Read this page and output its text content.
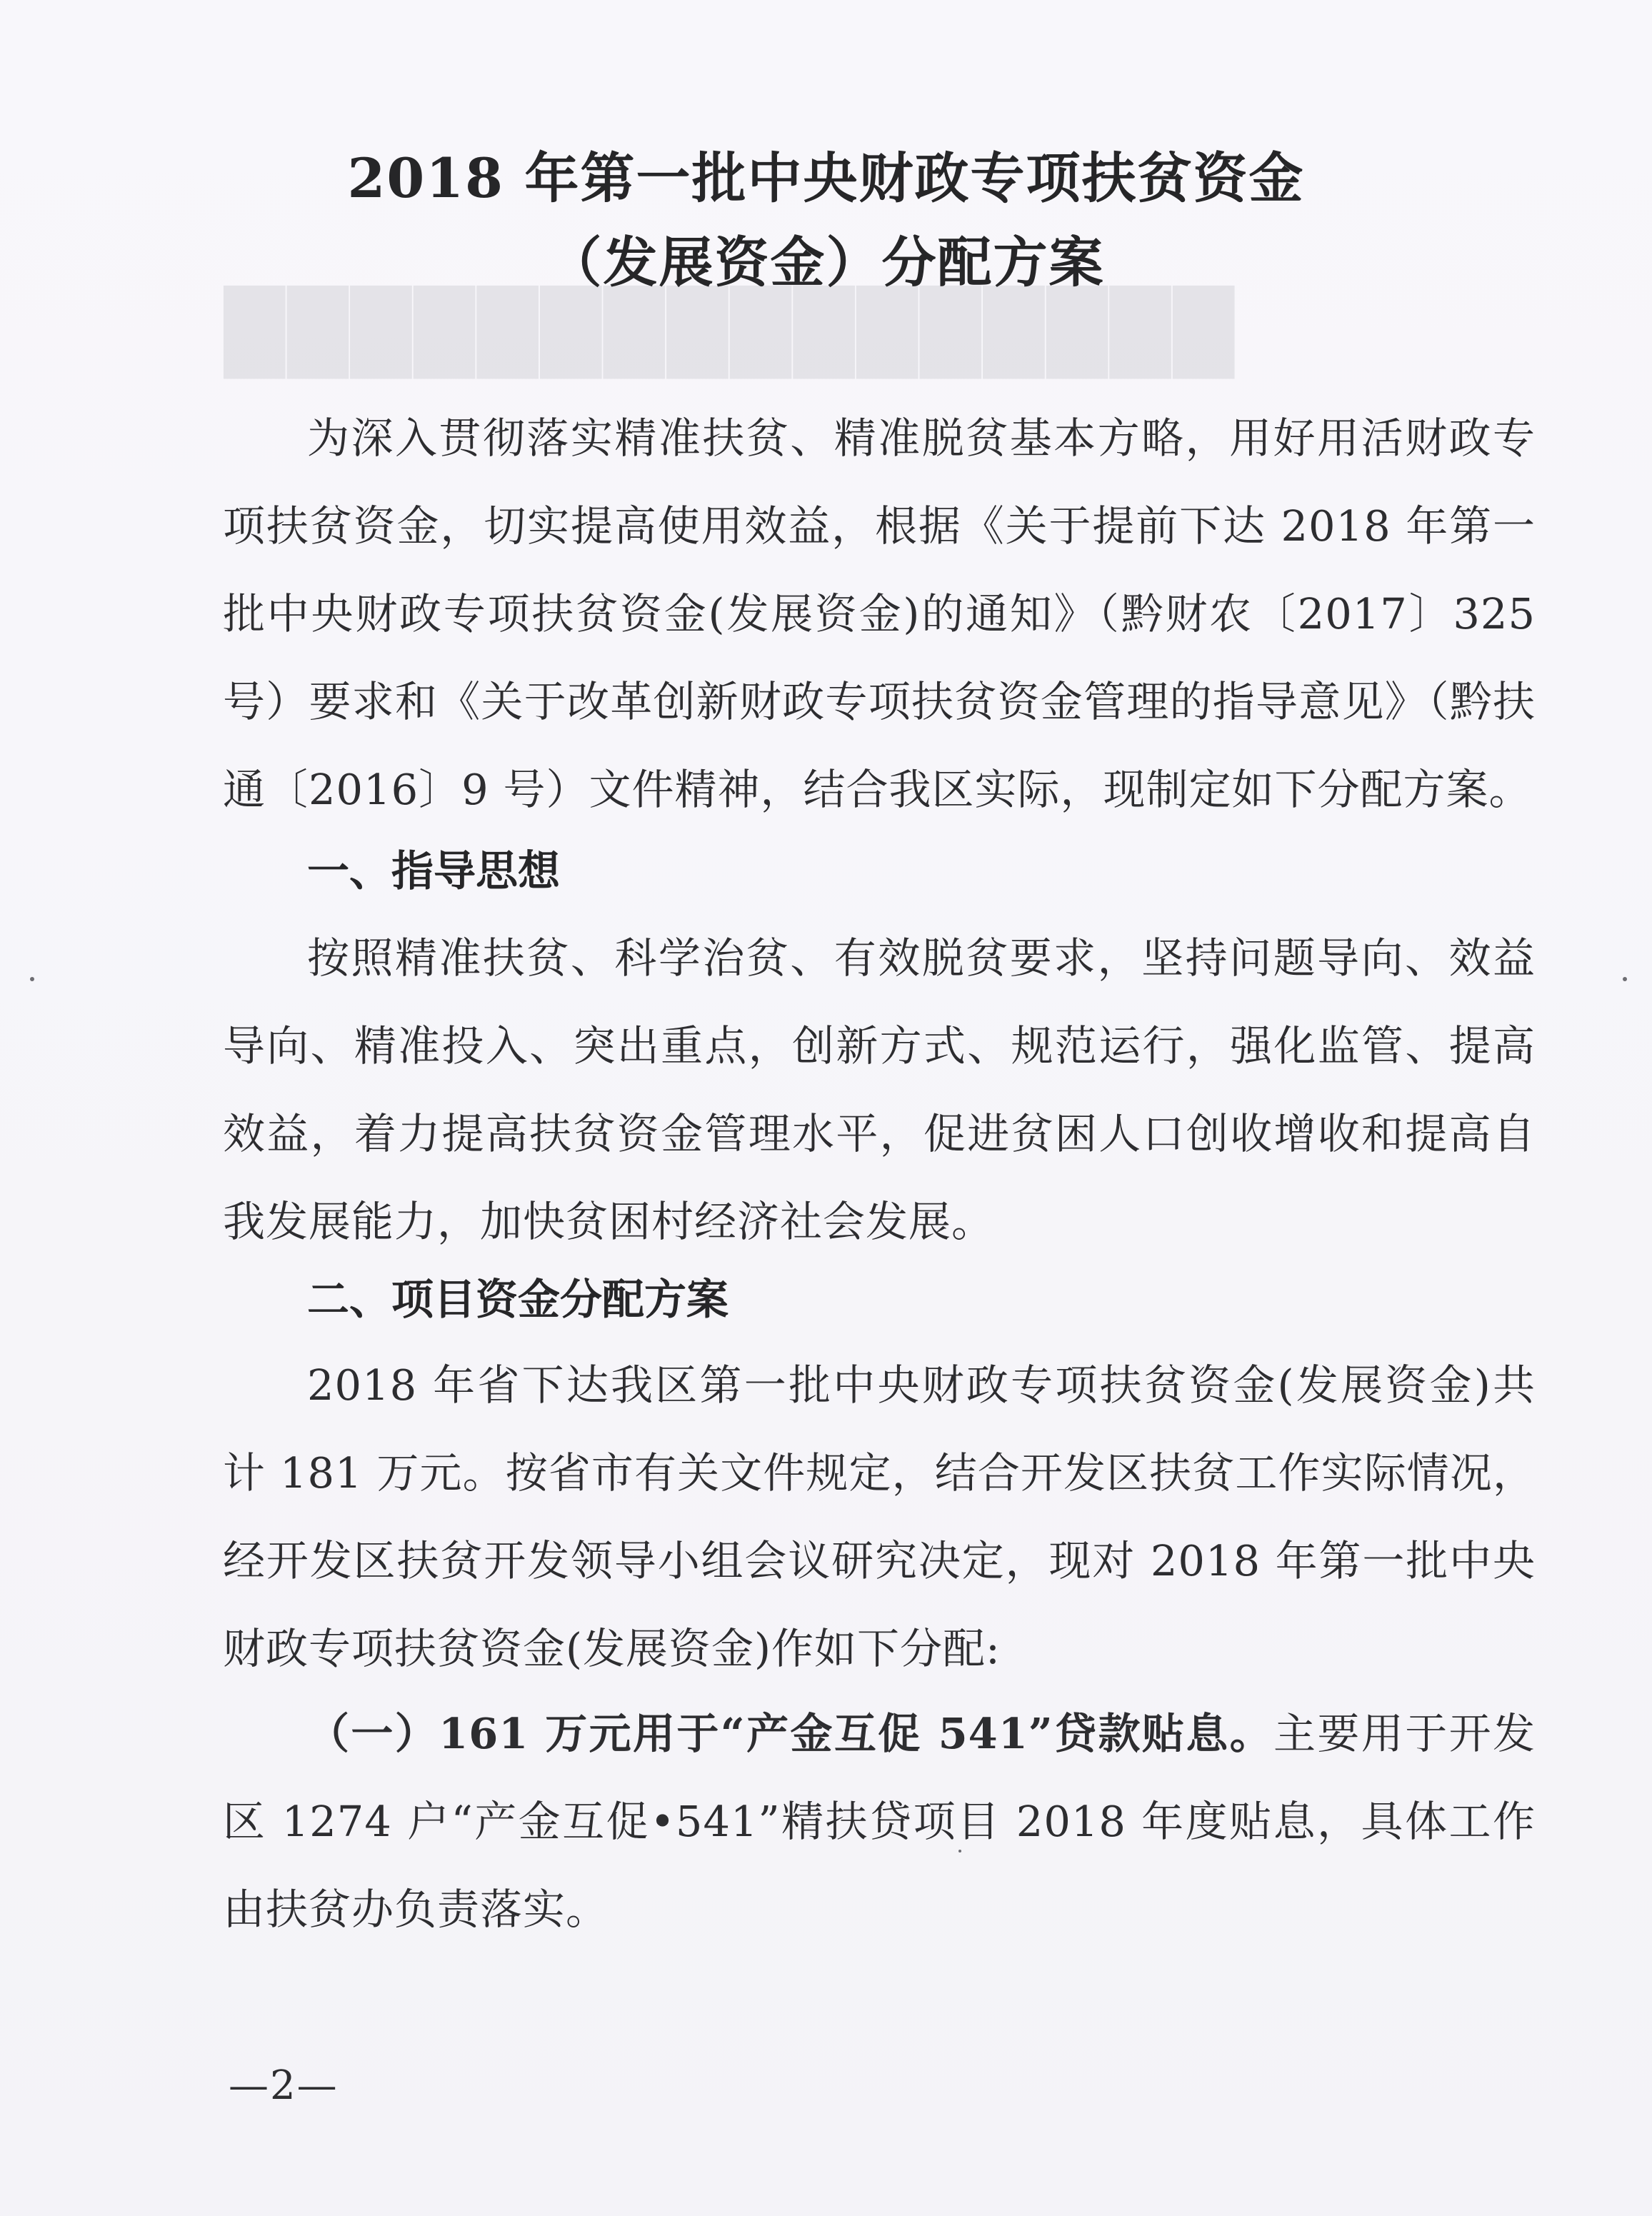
████████████████
2018 年第一批中央财政专项扶贫资金
（发展资金）分配方案
为深入贯彻落实精准扶贫、精准脱贫基本方略，用好用活财政专项扶贫资金，切实提高使用效益，根据《关于提前下达 2018 年第一批中央财政专项扶贫资金(发展资金)的通知》（黔财农〔2017〕325 号）要求和《关于改革创新财政专项扶贫资金管理的指导意见》（黔扶通〔2016〕9 号）文件精神，结合我区实际，现制定如下分配方案。
一、指导思想
按照精准扶贫、科学治贫、有效脱贫要求，坚持问题导向、效益导向、精准投入、突出重点，创新方式、规范运行，强化监管、提高效益，着力提高扶贫资金管理水平，促进贫困人口创收增收和提高自我发展能力，加快贫困村经济社会发展。
二、项目资金分配方案
2018 年省下达我区第一批中央财政专项扶贫资金(发展资金)共计 181 万元。按省市有关文件规定，结合开发区扶贫工作实际情况，经开发区扶贫开发领导小组会议研究决定，现对 2018 年第一批中央财政专项扶贫资金(发展资金)作如下分配:
（一）161 万元用于“产金互促 541”贷款贴息。主要用于开发区 1274 户“产金互促•541”精扶贷项目 2018 年度贴息，具体工作由扶贫办负责落实。
—2—
